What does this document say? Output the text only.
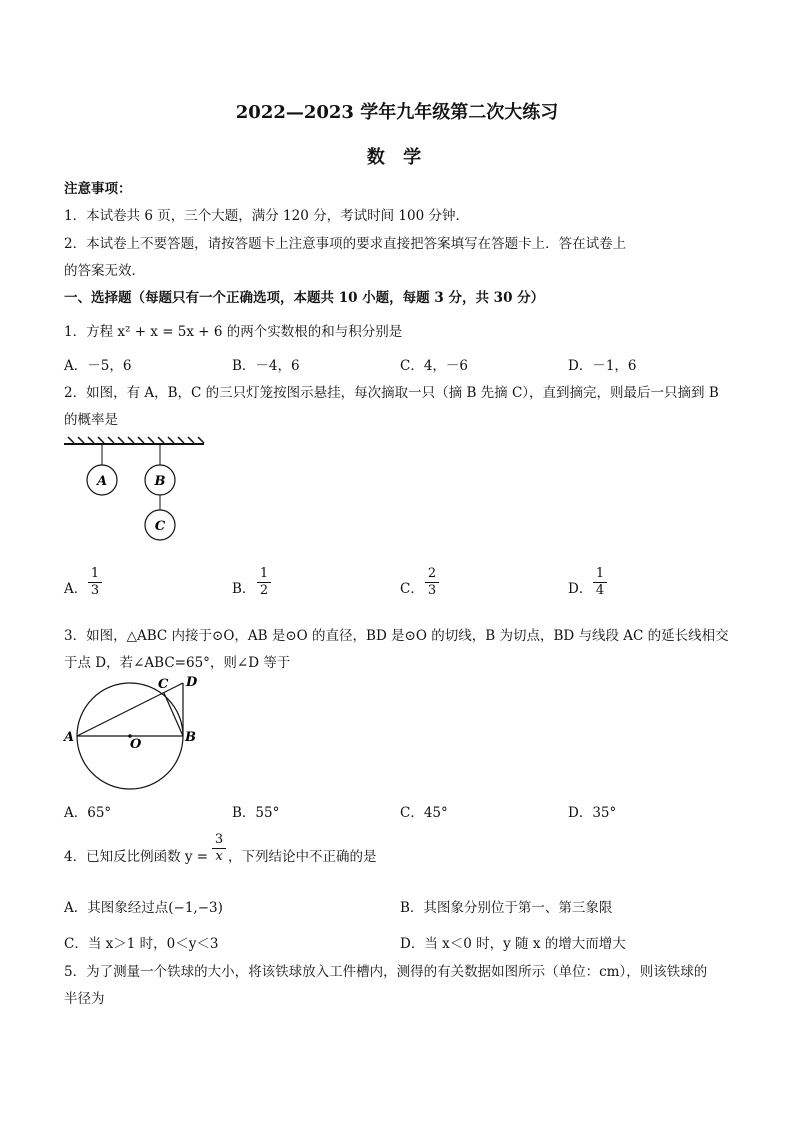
2022—2023 学年九年级第二次大练习
数 学
注意事项：
1．本试卷共 6 页，三个大题，满分 120 分，考试时间 100 分钟．
2．本试卷上不要答题，请按答题卡上注意事项的要求直接把答案填写在答题卡上．答在试卷上
的答案无效．
一、选择题（每题只有一个正确选项，本题共 10 小题，每题 3 分，共 30 分）
1．方程 x² + x = 5x + 6 的两个实数根的和与积分别是
A．－5，6	B．－4，6	C．4，－6	D．－1，6
2．如图，有 A，B，C 的三只灯笼按图示悬挂，每次摘取一只（摘 B 先摘 C），直到摘完，则最后一只摘到 B
的概率是
A	B
C
A． $\frac{1}{3}$	B． $\frac{1}{2}$	C． $\frac{2}{3}$	D． $\frac{1}{4}$
3．如图，△ABC 内接于⊙O，AB 是⊙O 的直径，BD 是⊙O 的切线，B 为切点，BD 与线段 AC 的延长线相交
于点 D，若∠ABC=65°，则∠D 等于
A	B
C D
O
A．65°	B．55°	C．45°	D．35°
4．已知反比例函数 $y = \frac{3}{x}$ ，下列结论中不正确的是
A．其图象经过点(−1,−3)	B．其图象分别位于第一、第三象限
C．当 x＞1 时，0＜y＜3	D．当 x＜0 时，y 随 x 的增大而增大
5．为了测量一个铁球的大小，将该铁球放入工件槽内，测得的有关数据如图所示（单位：cm），则该铁球的
半径为
